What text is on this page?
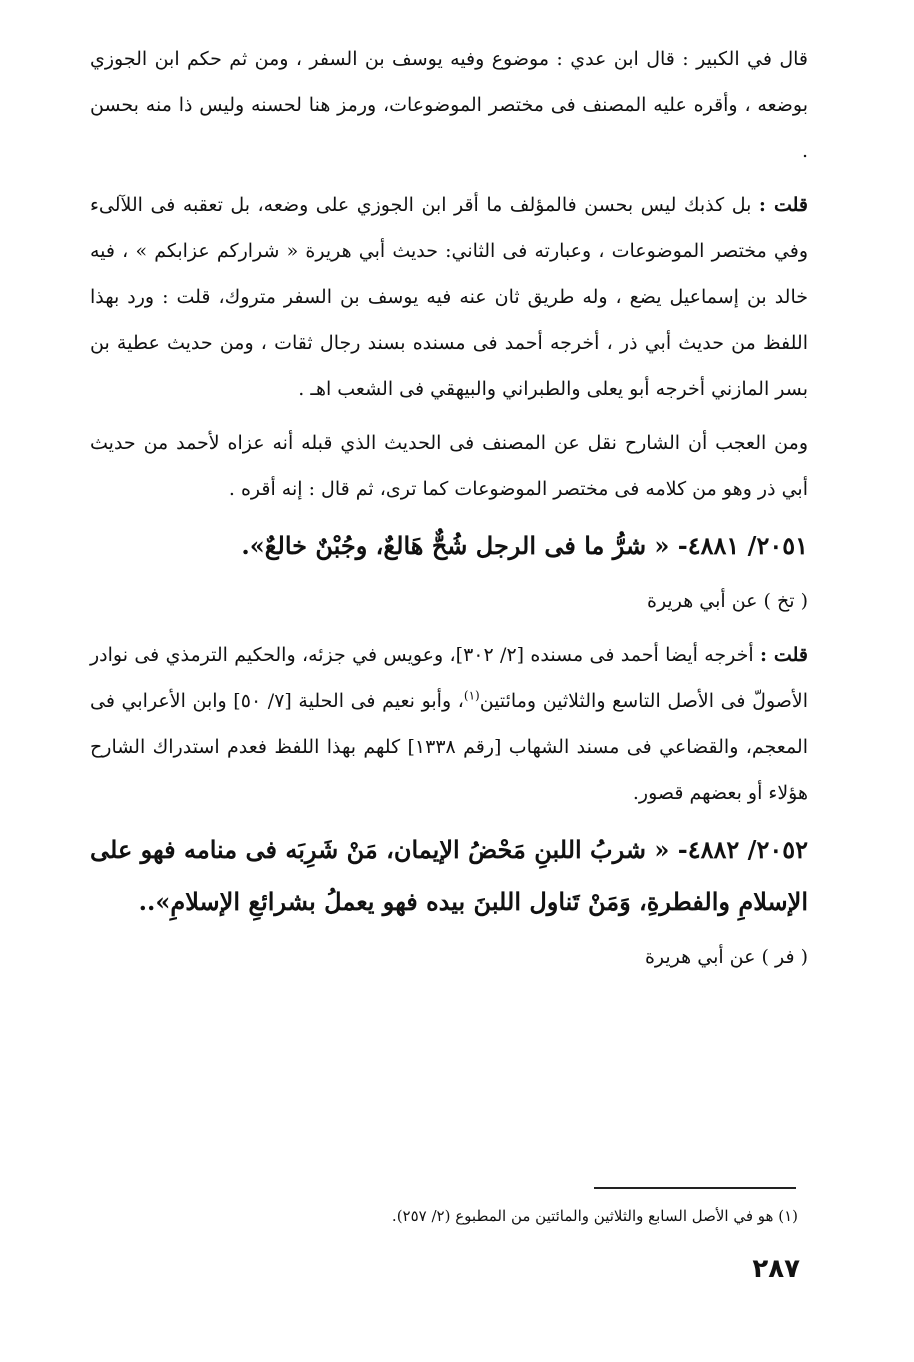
قال في الكبير : قال ابن عدي : موضوع وفيه يوسف بن السفر ، ومن ثم حكم ابن الجوزي بوضعه ، وأقره عليه المصنف فى مختصر الموضوعات، ورمز هنا لحسنه وليس ذا منه بحسن .

قلت : بل كذبك ليس بحسن فالمؤلف ما أقر ابن الجوزي على وضعه، بل تعقبه فى اللآلىء وفي مختصر الموضوعات ، وعبارته فى الثاني: حديث أبي هريرة « شراركم عزابكم » ، فيه خالد بن إسماعيل يضع ، وله طريق ثان عنه فيه يوسف بن السفر متروك، قلت : ورد بهذا اللفظ من حديث أبي ذر ، أخرجه أحمد فى مسنده بسند رجال ثقات ، ومن حديث عطية بن بسر المازني أخرجه أبو يعلى والطبراني والبيهقي فى الشعب اهـ .

ومن العجب أن الشارح نقل عن المصنف فى الحديث الذي قبله أنه عزاه لأحمد من حديث أبي ذر وهو من كلامه فى مختصر الموضوعات كما ترى، ثم قال : إنه أقره .

٢٠٥١/ ٤٨٨١- « شرُّ ما فى الرجل شُحٌّ هَالعٌ، وجُبْنٌ خالعٌ».

( تخ ) عن أبي هريرة

قلت : أخرجه أيضا أحمد فى مسنده [٢/ ٣٠٢]، وعويس في جزئه، والحكيم الترمذي فى نوادر الأصولّ فى الأصل التاسع والثلاثين ومائتين$^{(١)}$، وأبو نعيم فى الحلية [٧/ ٥٠] وابن الأعرابي فى المعجم، والقضاعي فى مسند الشهاب [رقم ١٣٣٨] كلهم بهذا اللفظ فعدم استدراك الشارح هؤلاء أو بعضهم قصور.

٢٠٥٢/ ٤٨٨٢- « شربُ اللبنِ مَحْضُ الإيمان، مَنْ شَرِبَه فى منامه فهو على الإسلامِ والفطرةِ، وَمَنْ تَناول اللبنَ بيده فهو يعملُ بشرائعِ الإسلامِ»..

( فر ) عن أبي هريرة

(١) هو في الأصل السابع والثلاثين والمائتين من المطبوع (٢/ ٢٥٧).
٢٨٧
